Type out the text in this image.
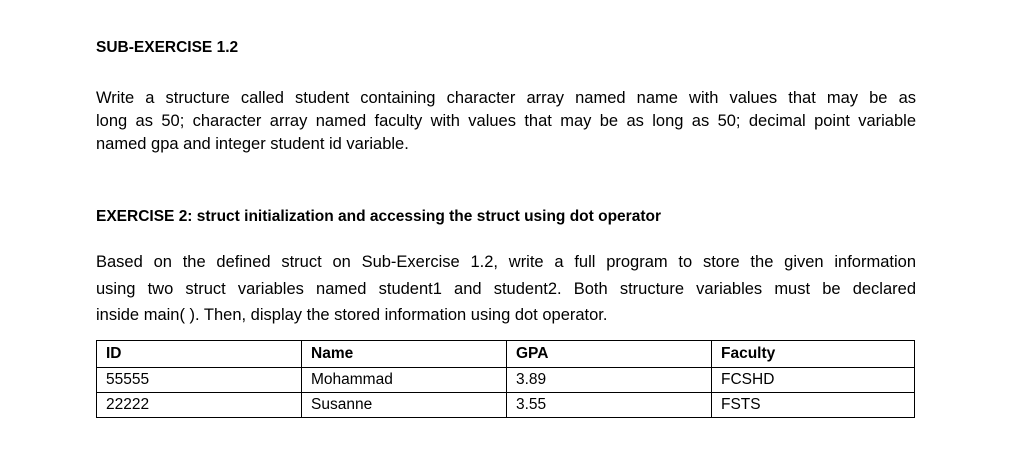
SUB-EXERCISE 1.2
Write a structure called student containing character array named name with values that may be as
long as 50; character array named faculty with values that may be as long as 50; decimal point variable
named gpa and integer student id variable.
EXERCISE 2: struct initialization and accessing the struct using dot operator
Based on the defined struct on Sub-Exercise 1.2, write a full program to store the given information
using two struct variables named student1 and student2. Both structure variables must be declared
inside main( ). Then, display the stored information using dot operator.
ID	Name	GPA	Faculty
55555	Mohammad	3.89	FCSHD
22222	Susanne	3.55	FSTS
